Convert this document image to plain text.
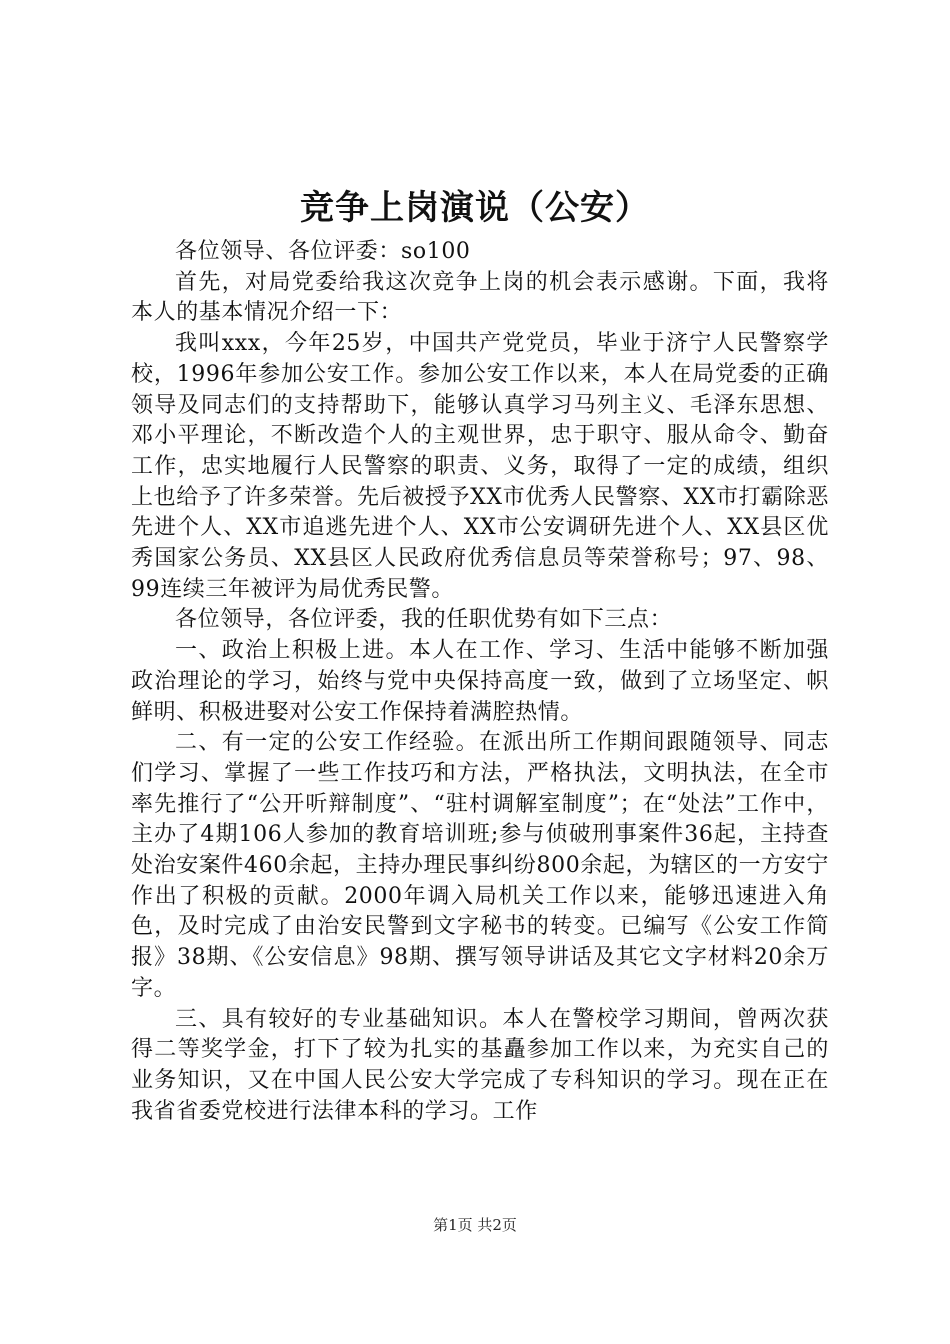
竞争上岗演说（公安）

各位领导、各位评委：so100

首先，对局党委给我这次竞争上岗的机会表示感谢。下面，我将本人的基本情况介绍一下：

我叫xxx，今年25岁，中国共产党党员，毕业于济宁人民警察学校，1996年参加公安工作。参加公安工作以来，本人在局党委的正确领导及同志们的支持帮助下，能够认真学习马列主义、毛泽东思想、邓小平理论，不断改造个人的主观世界，忠于职守、服从命令、勤奋工作，忠实地履行人民警察的职责、义务，取得了一定的成绩，组织上也给予了许多荣誉。先后被授予XX市优秀人民警察、XX市打霸除恶先进个人、XX市追逃先进个人、XX市公安调研先进个人、XX县区优秀国家公务员、XX县区人民政府优秀信息员等荣誉称号；97、98、99连续三年被评为局优秀民警。

各位领导，各位评委，我的任职优势有如下三点：

一、政治上积极上进。本人在工作、学习、生活中能够不断加强政治理论的学习，始终与党中央保持高度一致，做到了立场坚定、帜鲜明、积极进娶对公安工作保持着满腔热情。

二、有一定的公安工作经验。在派出所工作期间跟随领导、同志们学习、掌握了一些工作技巧和方法，严格执法，文明执法，在全市率先推行了“公开听辩制度”、“驻村调解室制度”；在“处法”工作中，主办了4期106人参加的教育培训班;参与侦破刑事案件36起，主持查处治安案件460余起，主持办理民事纠纷800余起，为辖区的一方安宁作出了积极的贡献。2000年调入局机关工作以来，能够迅速进入角色，及时完成了由治安民警到文字秘书的转变。已编写《公安工作简报》38期、《公安信息》98期、撰写领导讲话及其它文字材料20余万字。

三、具有较好的专业基础知识。本人在警校学习期间，曾两次获得二等奖学金，打下了较为扎实的基矗参加工作以来，为充实自己的业务知识，又在中国人民公安大学完成了专科知识的学习。现在正在我省省委党校进行法律本科的学习。工作

第1页 共2页
